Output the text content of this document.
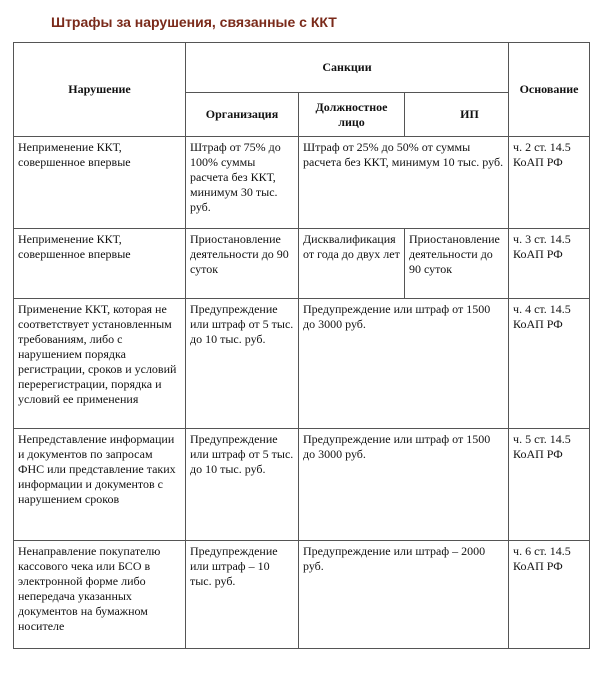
Штрафы за нарушения, связанные с ККТ
Нарушение	Санкции			Основание
	Организация	Должностное лицо	ИП	
Неприменение ККТ, совершенное впервые	Штраф от 75% до 100% суммы расчета без ККТ, минимум 30 тыс. руб.	Штраф от 25% до 50% от суммы расчета без ККТ, минимум 10 тыс. руб.		ч. 2 ст. 14.5 КоАП РФ
Неприменение ККТ, совершенное впервые	Приостановление деятельности до 90 суток	Дисквалификация от года до двух лет	Приостановление деятельности до 90 суток	ч. 3 ст. 14.5 КоАП РФ
Применение ККТ, которая не соответствует установленным требованиям, либо с нарушением порядка регистрации, сроков и условий перерегистрации, порядка и условий ее применения	Предупреждение или штраф от 5 тыс. до 10 тыс. руб.	Предупреждение или штраф от 1500 до 3000 руб.		ч. 4 ст. 14.5 КоАП РФ
Непредставление информации и документов по запросам ФНС или представление таких информации и документов с нарушением сроков	Предупреждение или штраф от 5 тыс. до 10 тыс. руб.	Предупреждение или штраф от 1500 до 3000 руб.		ч. 5 ст. 14.5 КоАП РФ
Ненаправление покупателю кассового чека или БСО в электронной форме либо непередача указанных документов на бумажном носителе	Предупреждение или штраф – 10 тыс. руб.	Предупреждение или штраф – 2000 руб.		ч. 6 ст. 14.5 КоАП РФ
